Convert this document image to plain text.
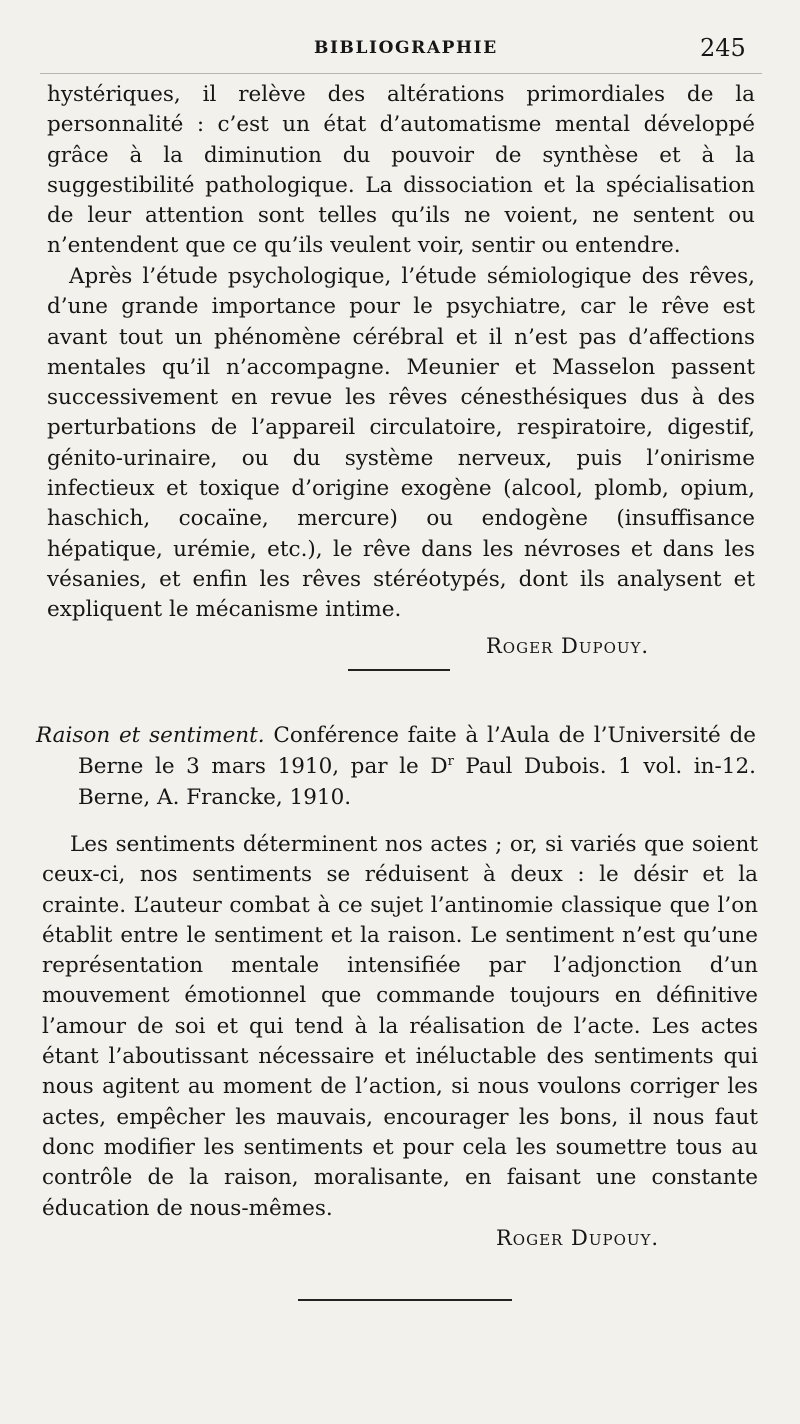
BIBLIOGRAPHIE	245

hystériques, il relève des altérations primordiales de la personnalité : c’est un état d’automatisme mental développé grâce à la diminution du pouvoir de synthèse et à la suggestibilité pathologique. La dissociation et la spécialisation de leur attention sont telles qu’ils ne voient, ne sentent ou n’entendent que ce qu’ils veulent voir, sentir ou entendre.

Après l’étude psychologique, l’étude sémiologique des rêves, d’une grande importance pour le psychiatre, car le rêve est avant tout un phénomène cérébral et il n’est pas d’affections mentales qu’il n’accompagne. Meunier et Masselon passent successivement en revue les rêves cénesthésiques dus à des perturbations de l’appareil circulatoire, respiratoire, digestif, génito-urinaire, ou du système nerveux, puis l’onirisme infectieux et toxique d’origine exogène (alcool, plomb, opium, haschich, cocaïne, mercure) ou endogène (insuffisance hépatique, urémie, etc.), le rêve dans les névroses et dans les vésanies, et enfin les rêves stéréotypés, dont ils analysent et expliquent le mécanisme intime.

Roger Dupouy.
Raison et sentiment. Conférence faite à l’Aula de l’Université de Berne le 3 mars 1910, par le $D^r$ Paul Dubois. 1 vol. in-12. Berne, A. Francke, 1910.

Les sentiments déterminent nos actes ; or, si variés que soient ceux-ci, nos sentiments se réduisent à deux : le désir et la crainte. L’auteur combat à ce sujet l’antinomie classique que l’on établit entre le sentiment et la raison. Le sentiment n’est qu’une représentation mentale intensifiée par l’adjonction d’un mouvement émotionnel que commande toujours en définitive l’amour de soi et qui tend à la réalisation de l’acte. Les actes étant l’aboutissant nécessaire et inéluctable des sentiments qui nous agitent au moment de l’action, si nous voulons corriger les actes, empêcher les mauvais, encourager les bons, il nous faut donc modifier les sentiments et pour cela les soumettre tous au contrôle de la raison, moralisante, en faisant une constante éducation de nous-mêmes.

Roger Dupouy.
